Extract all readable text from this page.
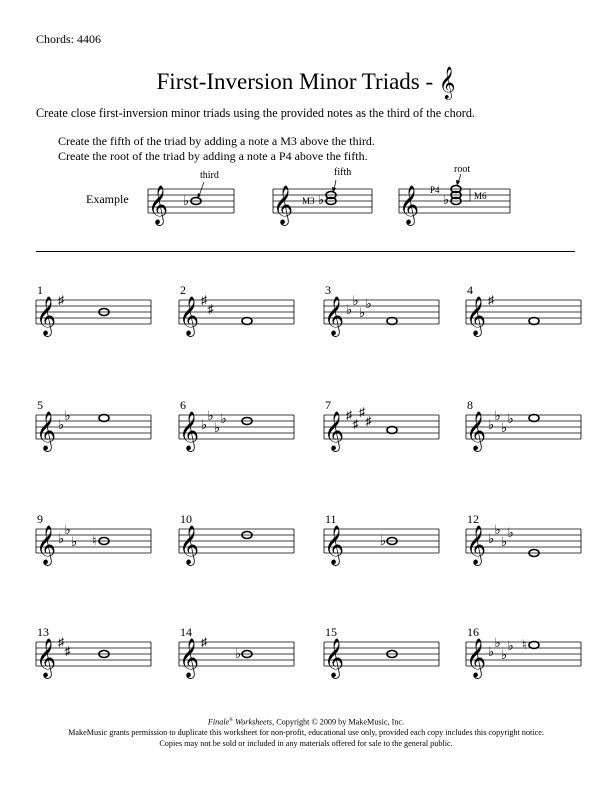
Chords: 4406
First-Inversion Minor Triads - 𝄞
Create close first-inversion minor triads using the provided notes as the third of the chord.
Create the fifth of the triad by adding a note a M3 above the third.
Create the root of the triad by adding a note a P4 above the fifth.
Example 𝄞 ♭
third
𝄞 M3 ♭
fifth
𝄞 P4
♭	M6
root
1	2	3	4
5	6	7	8
9	10	11	12
13	14	15	16
𝄞 ♯	𝄞 ♯
♯	𝄞 ♭
♭
♭
♭	𝄞 ♯
𝄞 ♭
♭	𝄞 ♭
♭
♭
♭	𝄞 ♯
♯
♯
♯	𝄞 ♭
♭
♭
♭
𝄞 ♭
♭
♭ ♮ 𝄞	𝄞	♭ 𝄞 ♭
♭
♭
♭
𝄞 ♯
♯	𝄞 ♯
♭ 𝄞	𝄞 ♭
♭
♭
♭ ♮
Finale® Worksheets, Copyright © 2009 by MakeMusic, Inc.
MakeMusic grants permission to duplicate this worksheet for non-profit, educational use only, provided each copy includes this copyright notice.
Copies may not be sold or included in any materials offered for sale to the general public.
